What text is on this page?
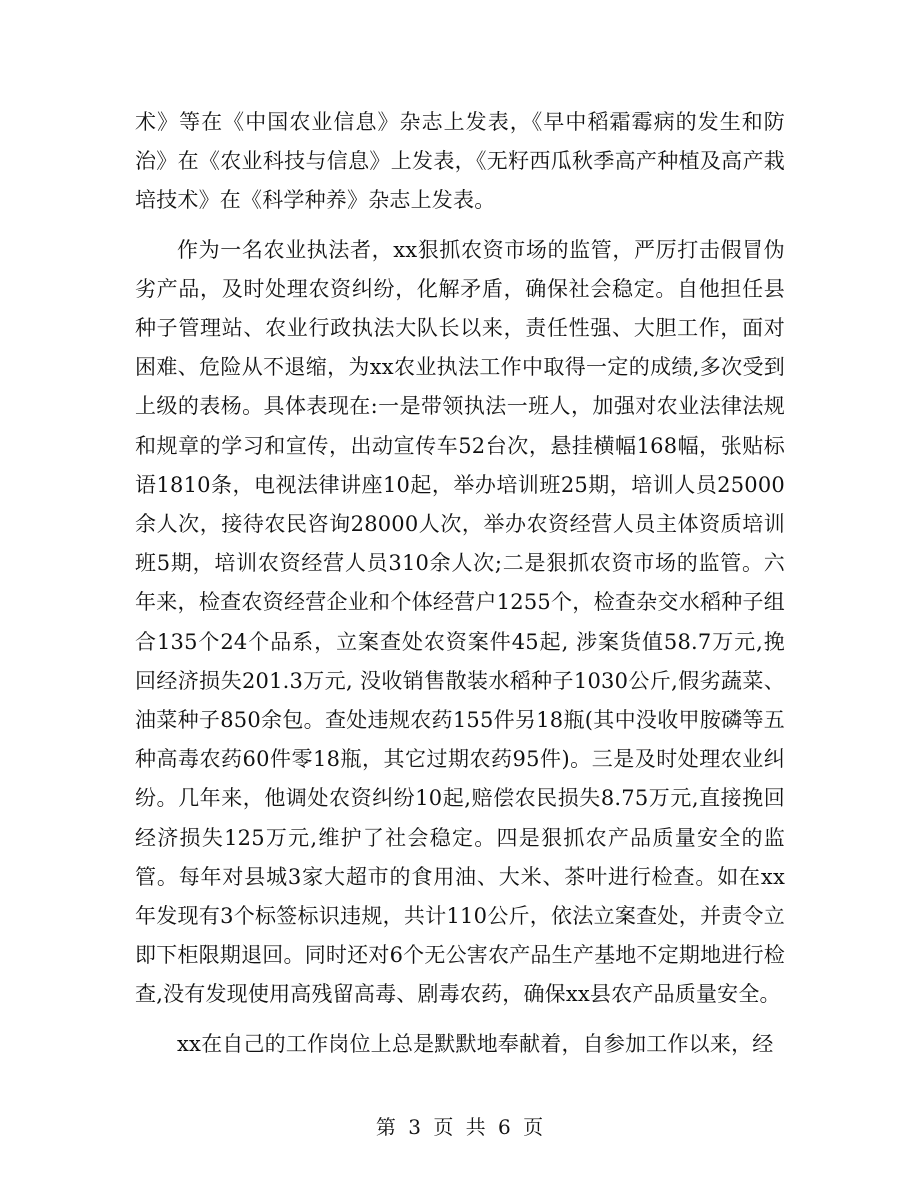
术》等在《中国农业信息》杂志上发表，《早中稻霜霉病的发生和防治》在《农业科技与信息》上发表，《无籽西瓜秋季高产种植及高产栽培技术》在《科学种养》杂志上发表。

作为一名农业执法者，xx狠抓农资市场的监管，严厉打击假冒伪劣产品，及时处理农资纠纷，化解矛盾，确保社会稳定。自他担任县种子管理站、农业行政执法大队长以来，责任性强、大胆工作，面对困难、危险从不退缩，为xx农业执法工作中取得一定的成绩,多次受到上级的表杨。具体表现在:一是带领执法一班人，加强对农业法律法规和规章的学习和宣传，出动宣传车52台次，悬挂横幅168幅，张贴标语1810条，电视法律讲座10起，举办培训班25期，培训人员25000余人次，接待农民咨询28000人次，举办农资经营人员主体资质培训班5期，培训农资经营人员310余人次;二是狠抓农资市场的监管。六年来，检查农资经营企业和个体经营户1255个，检查杂交水稻种子组合135个24个品系，立案查处农资案件45起, 涉案货值58.7万元,挽回经济损失201.3万元, 没收销售散装水稻种子1030公斤,假劣蔬菜、油菜种子850余包。查处违规农药155件另18瓶(其中没收甲胺磷等五种高毒农药60件零18瓶，其它过期农药95件)。三是及时处理农业纠纷。几年来，他调处农资纠纷10起,赔偿农民损失8.75万元,直接挽回经济损失125万元,维护了社会稳定。四是狠抓农产品质量安全的监管。每年对县城3家大超市的食用油、大米、茶叶进行检查。如在xx年发现有3个标签标识违规，共计110公斤，依法立案查处，并责令立即下柜限期退回。同时还对6个无公害农产品生产基地不定期地进行检查,没有发现使用高残留高毒、剧毒农药，确保xx县农产品质量安全。

xx在自己的工作岗位上总是默默地奉献着，自参加工作以来，经

第 3 页 共 6 页
